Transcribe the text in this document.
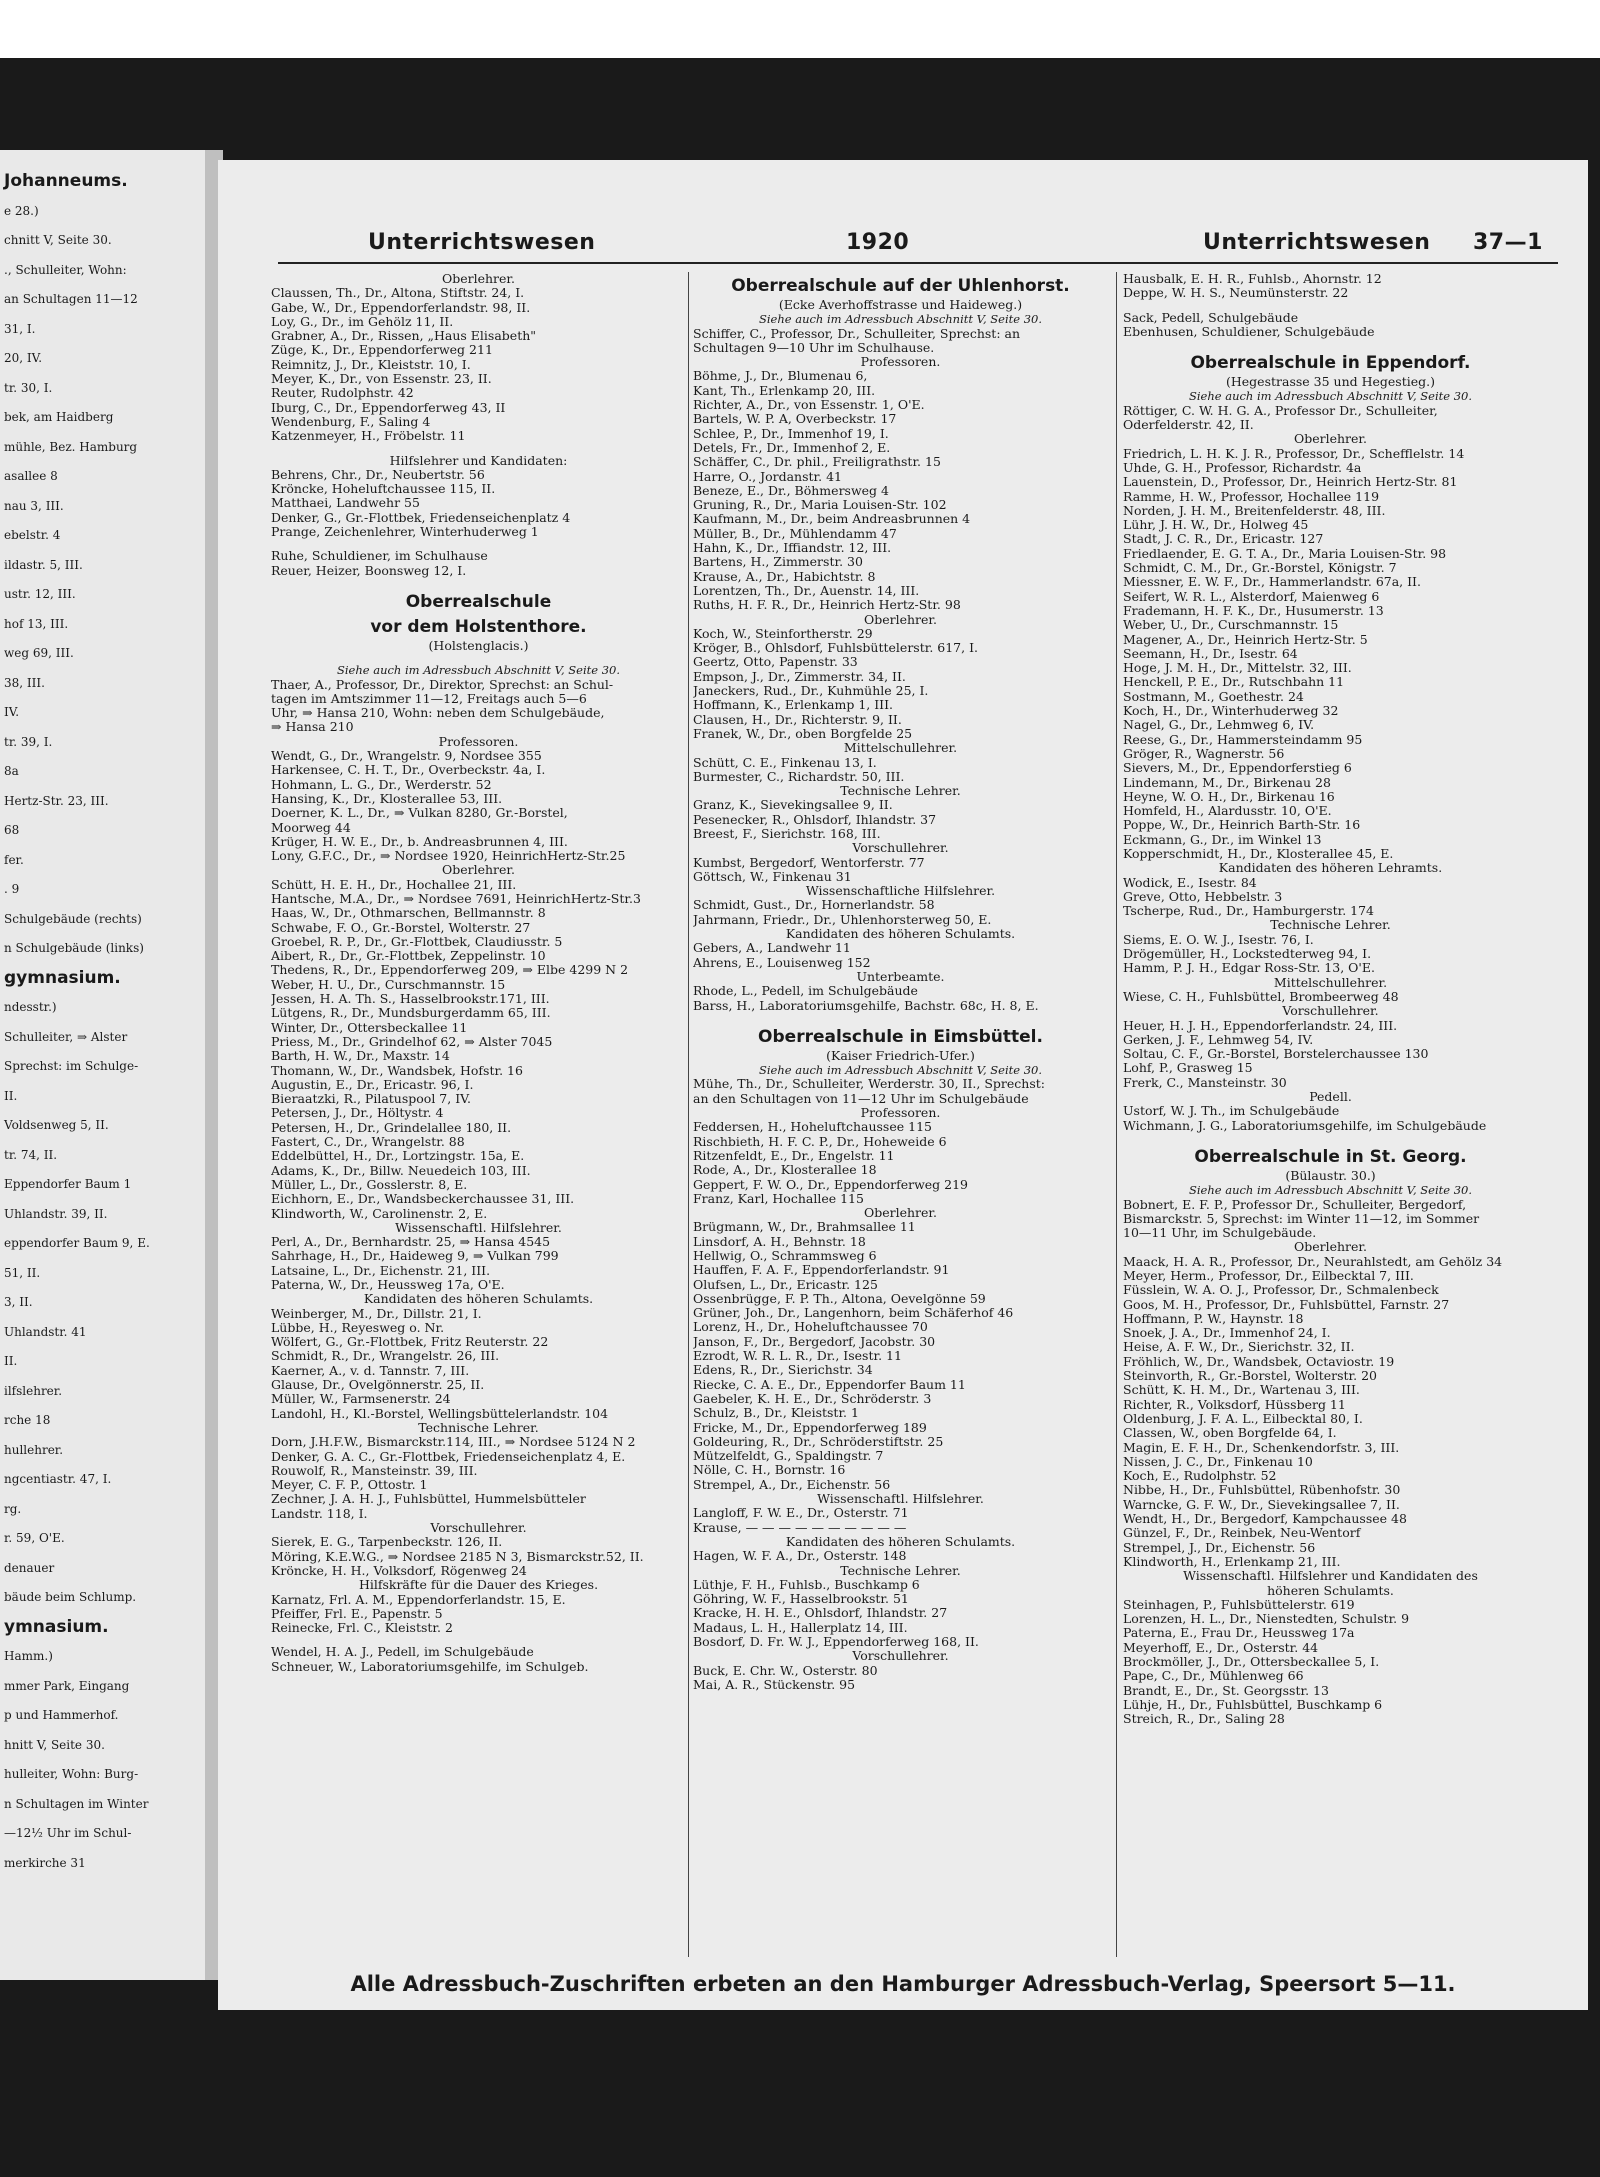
Johanneums.
e 28.)
chnitt V, Seite 30.
., Schulleiter, Wohn:
an Schultagen 11—12
31, I.
20, IV.
tr. 30, I.
bek, am Haidberg
mühle, Bez. Hamburg
asallee 8
nau 3, III.
ebelstr. 4
ildastr. 5, III.
ustr. 12, III.
hof 13, III.
weg 69, III.
38, III.
IV.
tr. 39, I.
8a
Hertz-Str. 23, III.
68
fer.
. 9
Schulgebäude (rechts)
n Schulgebäude (links)
gymnasium.
ndesstr.)
Schulleiter, ⇒ Alster
Sprechst: im Schulge-
II.
Voldsenweg 5, II.
tr. 74, II.
Eppendorfer Baum 1
Uhlandstr. 39, II.
eppendorfer Baum 9, E.
51, II.
3, II.
Uhlandstr. 41
II.
ilfslehrer.
rche 18
hullehrer.
ngcentiastr. 47, I.
rg.
r. 59, O'E.
denauer
bäude beim Schlump.
ymnasium.
Hamm.)
mmer Park, Eingang
p und Hammerhof.
hnitt V, Seite 30.
hulleiter, Wohn: Burg-
n Schultagen im Winter
—12½ Uhr im Schul-
merkirche 31
Unterrichtswesen	1920	Unterrichtswesen 37—1
Oberlehrer.
Claussen, Th., Dr., Altona, Stiftstr. 24, I.
Gabe, W., Dr., Eppendorferlandstr. 98, II.
Loy, G., Dr., im Gehölz 11, II.
Grabner, A., Dr., Rissen, „Haus Elisabeth"
Züge, K., Dr., Eppendorferweg 211
Reimnitz, J., Dr., Kleiststr. 10, I.
Meyer, K., Dr., von Essenstr. 23, II.
Reuter, Rudolphstr. 42
Iburg, C., Dr., Eppendorferweg 43, II
Wendenburg, F., Saling 4
Katzenmeyer, H., Fröbelstr. 11
Hilfslehrer und Kandidaten:
Behrens, Chr., Dr., Neubertstr. 56
Kröncke, Hoheluftchaussee 115, II.
Matthaei, Landwehr 55
Denker, G., Gr.-Flottbek, Friedenseichenplatz 4
Prange, Zeichenlehrer, Winterhuderweg 1
Ruhe, Schuldiener, im Schulhause
Reuer, Heizer, Boonsweg 12, I.
Oberrealschule
vor dem Holstenthore.
(Holstenglacis.)
Siehe auch im Adressbuch Abschnitt V, Seite 30.
Thaer, A., Professor, Dr., Direktor, Sprechst: an Schul-
tagen im Amtszimmer 11—12, Freitags auch 5—6
Uhr, ⇒ Hansa 210, Wohn: neben dem Schulgebäude,
⇒ Hansa 210
Professoren.
Wendt, G., Dr., Wrangelstr. 9, Nordsee 355
Harkensee, C. H. T., Dr., Overbeckstr. 4a, I.
Hohmann, L. G., Dr., Werderstr. 52
Hansing, K., Dr., Klosterallee 53, III.
Doerner, K. L., Dr., ⇒ Vulkan 8280, Gr.-Borstel,
Moorweg 44
Krüger, H. W. E., Dr., b. Andreasbrunnen 4, III.
Lony, G.F.C., Dr., ⇒ Nordsee 1920, HeinrichHertz-Str.25
Oberlehrer.
Schütt, H. E. H., Dr., Hochallee 21, III.
Hantsche, M.A., Dr., ⇒ Nordsee 7691, HeinrichHertz-Str.3
Haas, W., Dr., Othmarschen, Bellmannstr. 8
Schwabe, F. O., Gr.-Borstel, Wolterstr. 27
Groebel, R. P., Dr., Gr.-Flottbek, Claudiusstr. 5
Aibert, R., Dr., Gr.-Flottbek, Zeppelinstr. 10
Thedens, R., Dr., Eppendorferweg 209, ⇒ Elbe 4299 N 2
Weber, H. U., Dr., Curschmannstr. 15
Jessen, H. A. Th. S., Hasselbrookstr.171, III.
Lütgens, R., Dr., Mundsburgerdamm 65, III.
Winter, Dr., Ottersbeckallee 11
Priess, M., Dr., Grindelhof 62, ⇒ Alster 7045
Barth, H. W., Dr., Maxstr. 14
Thomann, W., Dr., Wandsbek, Hofstr. 16
Augustin, E., Dr., Ericastr. 96, I.
Bieraatzki, R., Pilatuspool 7, IV.
Petersen, J., Dr., Höltystr. 4
Petersen, H., Dr., Grindelallee 180, II.
Fastert, C., Dr., Wrangelstr. 88
Eddelbüttel, H., Dr., Lortzingstr. 15a, E.
Adams, K., Dr., Billw. Neuedeich 103, III.
Müller, L., Dr., Gosslerstr. 8, E.
Eichhorn, E., Dr., Wandsbeckerchaussee 31, III.
Klindworth, W., Carolinenstr. 2, E.
Wissenschaftl. Hilfslehrer.
Perl, A., Dr., Bernhardstr. 25, ⇒ Hansa 4545
Sahrhage, H., Dr., Haideweg 9, ⇒ Vulkan 799
Latsaine, L., Dr., Eichenstr. 21, III.
Paterna, W., Dr., Heussweg 17a, O'E.
Kandidaten des höheren Schulamts.
Weinberger, M., Dr., Dillstr. 21, I.
Lübbe, H., Reyesweg o. Nr.
Wölfert, G., Gr.-Flottbek, Fritz Reuterstr. 22
Schmidt, R., Dr., Wrangelstr. 26, III.
Kaerner, A., v. d. Tannstr. 7, III.
Glause, Dr., Ovelgönnerstr. 25, II.
Müller, W., Farmsenerstr. 24
Landohl, H., Kl.-Borstel, Wellingsbüttelerlandstr. 104
Technische Lehrer.
Dorn, J.H.F.W., Bismarckstr.114, III., ⇒ Nordsee 5124 N 2
Denker, G. A. C., Gr.-Flottbek, Friedenseichenplatz 4, E.
Rouwolf, R., Mansteinstr. 39, III.
Meyer, C. F. P., Ottostr. 1
Zechner, J. A. H. J., Fuhlsbüttel, Hummelsbütteler
Landstr. 118, I.
Vorschullehrer.
Sierek, E. G., Tarpenbeckstr. 126, II.
Möring, K.E.W.G., ⇒ Nordsee 2185 N 3, Bismarckstr.52, II.
Kröncke, H. H., Volksdorf, Rögenweg 24
Hilfskräfte für die Dauer des Krieges.
Karnatz, Frl. A. M., Eppendorferlandstr. 15, E.
Pfeiffer, Frl. E., Papenstr. 5
Reinecke, Frl. C., Kleiststr. 2
Wendel, H. A. J., Pedell, im Schulgebäude
Schneuer, W., Laboratoriumsgehilfe, im Schulgeb.
Oberrealschule auf der Uhlenhorst.
(Ecke Averhoffstrasse und Haideweg.)
Siehe auch im Adressbuch Abschnitt V, Seite 30.
Schiffer, C., Professor, Dr., Schulleiter, Sprechst: an
Schultagen 9—10 Uhr im Schulhause.
Professoren.
Böhme, J., Dr., Blumenau 6,
Kant, Th., Erlenkamp 20, III.
Richter, A., Dr., von Essenstr. 1, O'E.
Bartels, W. P. A, Overbeckstr. 17
Schlee, P., Dr., Immenhof 19, I.
Detels, Fr., Dr., Immenhof 2, E.
Schäffer, C., Dr. phil., Freiligrathstr. 15
Harre, O., Jordanstr. 41
Beneze, E., Dr., Böhmersweg 4
Gruning, R., Dr., Maria Louisen-Str. 102
Kaufmann, M., Dr., beim Andreasbrunnen 4
Müller, B., Dr., Mühlendamm 47
Hahn, K., Dr., Iffiandstr. 12, III.
Bartens, H., Zimmerstr. 30
Krause, A., Dr., Habichtstr. 8
Lorentzen, Th., Dr., Auenstr. 14, III.
Ruths, H. F. R., Dr., Heinrich Hertz-Str. 98
Oberlehrer.
Koch, W., Steinfortherstr. 29
Kröger, B., Ohlsdorf, Fuhlsbüttelerstr. 617, I.
Geertz, Otto, Papenstr. 33
Empson, J., Dr., Zimmerstr. 34, II.
Janeckers, Rud., Dr., Kuhmühle 25, I.
Hoffmann, K., Erlenkamp 1, III.
Clausen, H., Dr., Richterstr. 9, II.
Franek, W., Dr., oben Borgfelde 25
Mittelschullehrer.
Schütt, C. E., Finkenau 13, I.
Burmester, C., Richardstr. 50, III.
Technische Lehrer.
Granz, K., Sievekingsallee 9, II.
Pesenecker, R., Ohlsdorf, Ihlandstr. 37
Breest, F., Sierichstr. 168, III.
Vorschullehrer.
Kumbst, Bergedorf, Wentorferstr. 77
Göttsch, W., Finkenau 31
Wissenschaftliche Hilfslehrer.
Schmidt, Gust., Dr., Hornerlandstr. 58
Jahrmann, Friedr., Dr., Uhlenhorsterweg 50, E.
Kandidaten des höheren Schulamts.
Gebers, A., Landwehr 11
Ahrens, E., Louisenweg 152
Unterbeamte.
Rhode, L., Pedell, im Schulgebäude
Barss, H., Laboratoriumsgehilfe, Bachstr. 68c, H. 8, E.
Oberrealschule in Eimsbüttel.
(Kaiser Friedrich-Ufer.)
Siehe auch im Adressbuch Abschnitt V, Seite 30.
Mühe, Th., Dr., Schulleiter, Werderstr. 30, II., Sprechst:
an den Schultagen von 11—12 Uhr im Schulgebäude
Professoren.
Feddersen, H., Hoheluftchaussee 115
Rischbieth, H. F. C. P., Dr., Hoheweide 6
Ritzenfeldt, E., Dr., Engelstr. 11
Rode, A., Dr., Klosterallee 18
Geppert, F. W. O., Dr., Eppendorferweg 219
Franz, Karl, Hochallee 115
Oberlehrer.
Brügmann, W., Dr., Brahmsallee 11
Linsdorf, A. H., Behnstr. 18
Hellwig, O., Schrammsweg 6
Hauffen, F. A. F., Eppendorferlandstr. 91
Olufsen, L., Dr., Ericastr. 125
Ossenbrügge, F. P. Th., Altona, Oevelgönne 59
Grüner, Joh., Dr., Langenhorn, beim Schäferhof 46
Lorenz, H., Dr., Hoheluftchaussee 70
Janson, F., Dr., Bergedorf, Jacobstr. 30
Ezrodt, W. R. L. R., Dr., Isestr. 11
Edens, R., Dr., Sierichstr. 34
Riecke, C. A. E., Dr., Eppendorfer Baum 11
Gaebeler, K. H. E., Dr., Schröderstr. 3
Schulz, B., Dr., Kleiststr. 1
Fricke, M., Dr., Eppendorferweg 189
Goldeuring, R., Dr., Schröderstiftstr. 25
Mützelfeldt, G., Spaldingstr. 7
Nölle, C. H., Bornstr. 16
Strempel, A., Dr., Eichenstr. 56
Wissenschaftl. Hilfslehrer.
Langloff, F. W. E., Dr., Osterstr. 71
Krause, — — — — — — — — — —
Kandidaten des höheren Schulamts.
Hagen, W. F. A., Dr., Osterstr. 148
Technische Lehrer.
Lüthje, F. H., Fuhlsb., Buschkamp 6
Göhring, W. F., Hasselbrookstr. 51
Kracke, H. H. E., Ohlsdorf, Ihlandstr. 27
Madaus, L. H., Hallerplatz 14, III.
Bosdorf, D. Fr. W. J., Eppendorferweg 168, II.
Vorschullehrer.
Buck, E. Chr. W., Osterstr. 80
Mai, A. R., Stückenstr. 95
Hausbalk, E. H. R., Fuhlsb., Ahornstr. 12
Deppe, W. H. S., Neumünsterstr. 22
Sack, Pedell, Schulgebäude
Ebenhusen, Schuldiener, Schulgebäude
Oberrealschule in Eppendorf.
(Hegestrasse 35 und Hegestieg.)
Siehe auch im Adressbuch Abschnitt V, Seite 30.
Röttiger, C. W. H. G. A., Professor Dr., Schulleiter,
Oderfelderstr. 42, II.
Oberlehrer.
Friedrich, L. H. K. J. R., Professor, Dr., Schefflelstr. 14
Uhde, G. H., Professor, Richardstr. 4a
Lauenstein, D., Professor, Dr., Heinrich Hertz-Str. 81
Ramme, H. W., Professor, Hochallee 119
Norden, J. H. M., Breitenfelderstr. 48, III.
Lühr, J. H. W., Dr., Holweg 45
Stadt, J. C. R., Dr., Ericastr. 127
Friedlaender, E. G. T. A., Dr., Maria Louisen-Str. 98
Schmidt, C. M., Dr., Gr.-Borstel, Königstr. 7
Miessner, E. W. F., Dr., Hammerlandstr. 67a, II.
Seifert, W. R. L., Alsterdorf, Maienweg 6
Frademann, H. F. K., Dr., Husumerstr. 13
Weber, U., Dr., Curschmannstr. 15
Magener, A., Dr., Heinrich Hertz-Str. 5
Seemann, H., Dr., Isestr. 64
Hoge, J. M. H., Dr., Mittelstr. 32, III.
Henckell, P. E., Dr., Rutschbahn 11
Sostmann, M., Goethestr. 24
Koch, H., Dr., Winterhuderweg 32
Nagel, G., Dr., Lehmweg 6, IV.
Reese, G., Dr., Hammersteindamm 95
Gröger, R., Wagnerstr. 56
Sievers, M., Dr., Eppendorferstieg 6
Lindemann, M., Dr., Birkenau 28
Heyne, W. O. H., Dr., Birkenau 16
Homfeld, H., Alardusstr. 10, O'E.
Poppe, W., Dr., Heinrich Barth-Str. 16
Eckmann, G., Dr., im Winkel 13
Kopperschmidt, H., Dr., Klosterallee 45, E.
Kandidaten des höheren Lehramts.
Wodick, E., Isestr. 84
Greve, Otto, Hebbelstr. 3
Tscherpe, Rud., Dr., Hamburgerstr. 174
Technische Lehrer.
Siems, E. O. W. J., Isestr. 76, I.
Drögemüller, H., Lockstedterweg 94, I.
Hamm, P. J. H., Edgar Ross-Str. 13, O'E.
Mittelschullehrer.
Wiese, C. H., Fuhlsbüttel, Brombeerweg 48
Vorschullehrer.
Heuer, H. J. H., Eppendorferlandstr. 24, III.
Gerken, J. F., Lehmweg 54, IV.
Soltau, C. F., Gr.-Borstel, Borstelerchaussee 130
Lohf, P., Grasweg 15
Frerk, C., Mansteinstr. 30
Pedell.
Ustorf, W. J. Th., im Schulgebäude
Wichmann, J. G., Laboratoriumsgehilfe, im Schulgebäude
Oberrealschule in St. Georg.
(Bülaustr. 30.)
Siehe auch im Adressbuch Abschnitt V, Seite 30.
Bobnert, E. F. P., Professor Dr., Schulleiter, Bergedorf,
Bismarckstr. 5, Sprechst: im Winter 11—12, im Sommer
10—11 Uhr, im Schulgebäude.
Oberlehrer.
Maack, H. A. R., Professor, Dr., Neurahlstedt, am Gehölz 34
Meyer, Herm., Professor, Dr., Eilbecktal 7, III.
Füsslein, W. A. O. J., Professor, Dr., Schmalenbeck
Goos, M. H., Professor, Dr., Fuhlsbüttel, Farnstr. 27
Hoffmann, P. W., Haynstr. 18
Snoek, J. A., Dr., Immenhof 24, I.
Heise, A. F. W., Dr., Sierichstr. 32, II.
Fröhlich, W., Dr., Wandsbek, Octaviostr. 19
Steinvorth, R., Gr.-Borstel, Wolterstr. 20
Schütt, K. H. M., Dr., Wartenau 3, III.
Richter, R., Volksdorf, Hüssberg 11
Oldenburg, J. F. A. L., Eilbecktal 80, I.
Classen, W., oben Borgfelde 64, I.
Magin, E. F. H., Dr., Schenkendorfstr. 3, III.
Nissen, J. C., Dr., Finkenau 10
Koch, E., Rudolphstr. 52
Nibbe, H., Dr., Fuhlsbüttel, Rübenhofstr. 30
Warncke, G. F. W., Dr., Sievekingsallee 7, II.
Wendt, H., Dr., Bergedorf, Kampchaussee 48
Günzel, F., Dr., Reinbek, Neu-Wentorf
Strempel, J., Dr., Eichenstr. 56
Klindworth, H., Erlenkamp 21, III.
Wissenschaftl. Hilfslehrer und Kandidaten des
höheren Schulamts.
Steinhagen, P., Fuhlsbüttelerstr. 619
Lorenzen, H. L., Dr., Nienstedten, Schulstr. 9
Paterna, E., Frau Dr., Heussweg 17a
Meyerhoff, E., Dr., Osterstr. 44
Brockmöller, J., Dr., Ottersbeckallee 5, I.
Pape, C., Dr., Mühlenweg 66
Brandt, E., Dr., St. Georgsstr. 13
Lühje, H., Dr., Fuhlsbüttel, Buschkamp 6
Streich, R., Dr., Saling 28
Alle Adressbuch-Zuschriften erbeten an den Hamburger Adressbuch-Verlag, Speersort 5—11.
